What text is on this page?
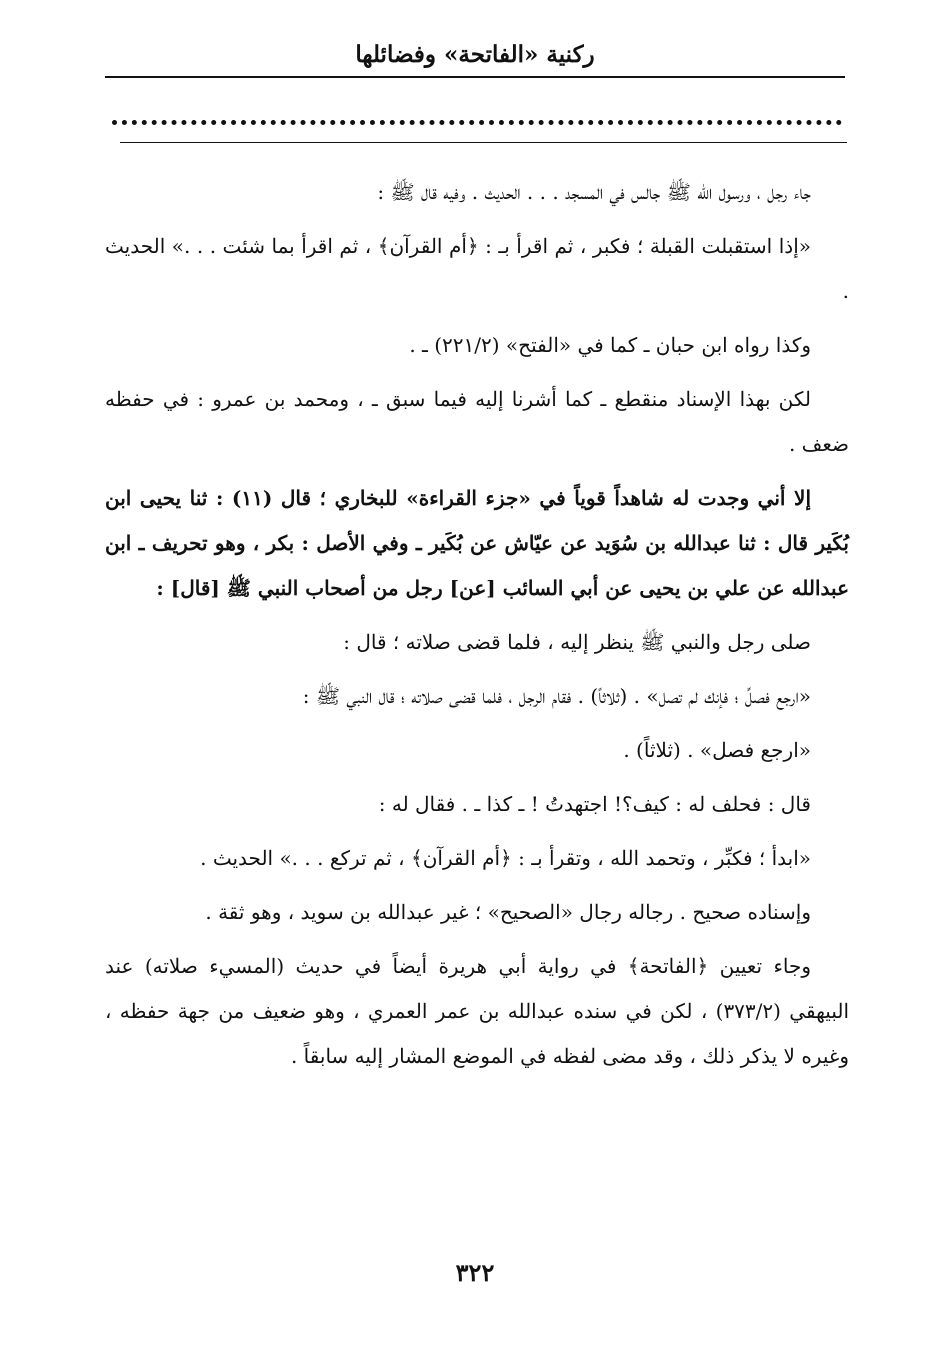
ركنية «الفاتحة» وفضائلها

جاء رجل ، ورسول الله ﷺ جالس في المسجد . . . الحديث . وفيه قال ﷺ :

«إذا استقبلت القبلة ؛ فكبر ، ثم اقرأ بـ : ﴿أم القرآن﴾ ، ثم اقرأ بما شئت . . .» الحديث .

وكذا رواه ابن حبان ـ كما في «الفتح» (٢٢١/٢) ـ .

لكن بهذا الإسناد منقطع ـ كما أشرنا إليه فيما سبق ـ ، ومحمد بن عمرو : في حفظه ضعف .

إلا أني وجدت له شاهداً قوياً في «جزء القراءة» للبخاري ؛ قال (١١) : ثنا يحيى ابن بُكَير قال : ثنا عبدالله بن سُوَيد عن عيّاش عن بُكَير ـ وفي الأصل : بكر ، وهو تحريف ـ ابن عبدالله عن علي بن يحيى عن أبي السائب [عن] رجل من أصحاب النبي ﷺ [قال] :

صلى رجل والنبي ﷺ ينظر إليه ، فلما قضى صلاته ؛ قال :

«ارجع فصلِّ ؛ فإنك لم تصل» . (ثلاثاً) . فقام الرجل ، فلما قضى صلاته ؛ قال النبي ﷺ :

«ارجع فصل» . (ثلاثاً) .

قال : فحلف له : كيف؟! اجتهدتُ ! ـ كذا ـ . فقال له :

«ابدأ ؛ فكبِّر ، وتحمد الله ، وتقرأ بـ : ﴿أم القرآن﴾ ، ثم تركع . . .» الحديث .

وإسناده صحيح . رجاله رجال «الصحيح» ؛ غير عبدالله بن سويد ، وهو ثقة .

وجاء تعيين ﴿الفاتحة﴾ في رواية أبي هريرة أيضاً في حديث (المسيء صلاته) عند البيهقي (٣٧٣/٢) ، لكن في سنده عبدالله بن عمر العمري ، وهو ضعيف من جهة حفظه ، وغيره لا يذكر ذلك ، وقد مضى لفظه في الموضع المشار إليه سابقاً .

٣٢٢
